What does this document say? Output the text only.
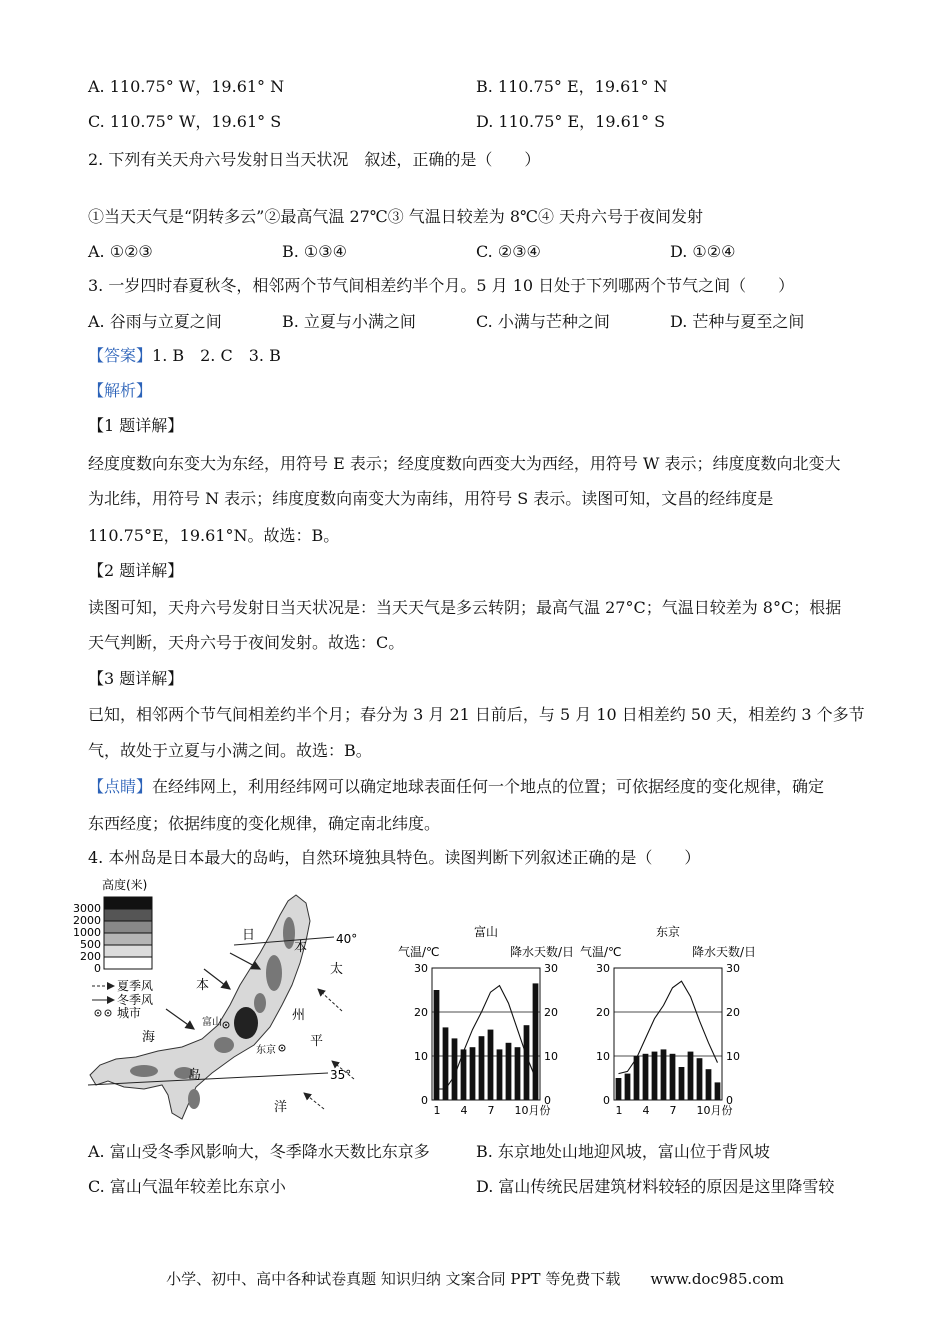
A. 110.75° W，19.61° N	B. 110.75° E，19.61° N
C. 110.75° W，19.61° S	D. 110.75° E，19.61° S
2. 下列有关天舟六号发射日当天状况　叙述，正确的是（　　）
①当天天气是“阴转多云”②最高气温 27℃③ 气温日较差为 8℃④ 天舟六号于夜间发射
A. ①②③	B. ①③④	C. ②③④	D. ①②④
3. 一岁四时春夏秋冬，相邻两个节气间相差约半个月。5 月 10 日处于下列哪两个节气之间（　　）
A. 谷雨与立夏之间	B. 立夏与小满之间	C. 小满与芒种之间	D. 芒种与夏至之间
【答案】1. B　2. C　3. B
【解析】
【1 题详解】
经度度数向东变大为东经，用符号 E 表示；经度度数向西变大为西经，用符号 W 表示；纬度度数向北变大
为北纬，用符号 N 表示；纬度度数向南变大为南纬，用符号 S 表示。读图可知，文昌的经纬度是
110.75°E，19.61°N。故选：B。
【2 题详解】
读图可知，天舟六号发射日当天状况是：当天天气是多云转阴；最高气温 27°C；气温日较差为 8°C；根据
天气判断，天舟六号于夜间发射。故选：C。
【3 题详解】
已知，相邻两个节气间相差约半个月；春分为 3 月 21 日前后，与 5 月 10 日相差约 50 天，相差约 3 个多节
气，故处于立夏与小满之间。故选：B。
【点睛】在经纬网上，利用经纬网可以确定地球表面任何一个地点的位置；可依据经度的变化规律，确定
东西经度；依据纬度的变化规律，确定南北纬度。
4. 本州岛是日本最大的岛屿，自然环境独具特色。读图判断下列叙述正确的是（　　）
高度(米)
3000
2000
1000
500
200
0
夏季风
冬季风
城市
40°
35°
日
本
太
本
州
平
海
岛
洋
富山
东京
富山
气温/℃	降水天数/日
0	0
10	10
20	20
30	30
1 4 7 10月份
东京
气温/℃	降水天数/日
0	0
10	10
20	20
30	30
1 4 7 10月份
A. 富山受冬季风影响大，冬季降水天数比东京多	B. 东京地处山地迎风坡，富山位于背风坡
C. 富山气温年较差比东京小	D. 富山传统民居建筑材料较轻的原因是这里降雪较
小学、初中、高中各种试卷真题 知识归纳 文案合同 PPT 等免费下载　　www.doc985.com
